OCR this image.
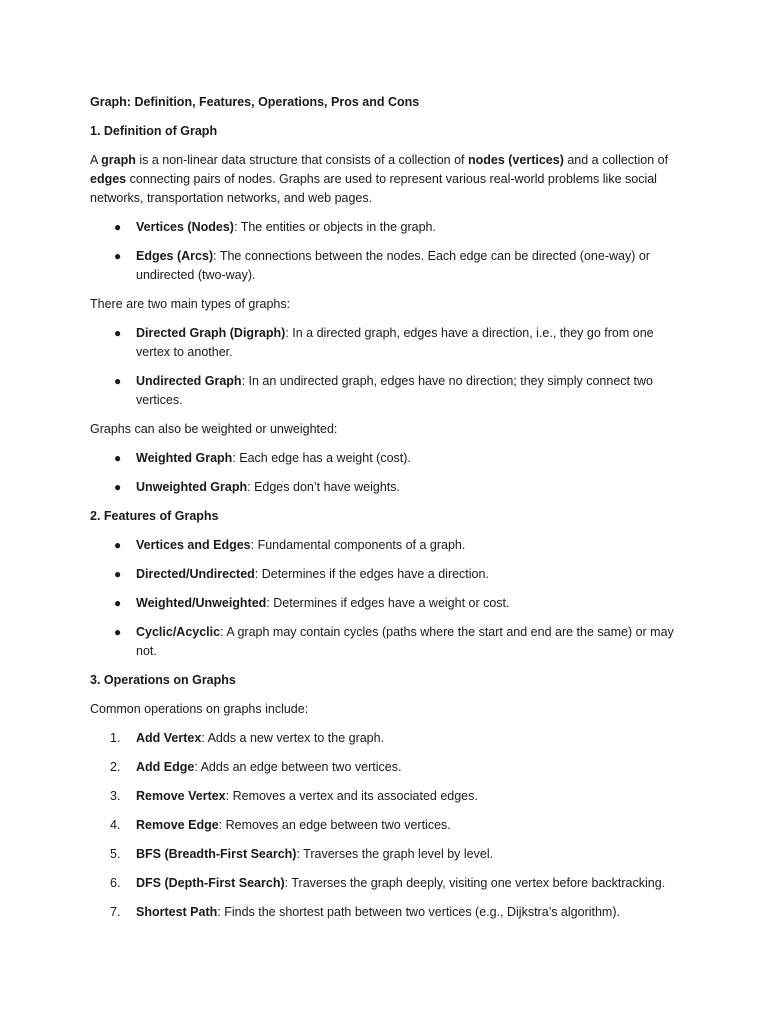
Graph: Definition, Features, Operations, Pros and Cons

1. Definition of Graph

A graph is a non-linear data structure that consists of a collection of nodes (vertices) and a collection of edges connecting pairs of nodes. Graphs are used to represent various real-world problems like social networks, transportation networks, and web pages.

●	Vertices (Nodes): The entities or objects in the graph.
●	Edges (Arcs): The connections between the nodes. Each edge can be directed (one-way) or undirected (two-way).

There are two main types of graphs:

●	Directed Graph (Digraph): In a directed graph, edges have a direction, i.e., they go from one vertex to another.
●	Undirected Graph: In an undirected graph, edges have no direction; they simply connect two vertices.

Graphs can also be weighted or unweighted:

●	Weighted Graph: Each edge has a weight (cost).
●	Unweighted Graph: Edges don’t have weights.

2. Features of Graphs

●	Vertices and Edges: Fundamental components of a graph.
●	Directed/Undirected: Determines if the edges have a direction.
●	Weighted/Unweighted: Determines if edges have a weight or cost.
●	Cyclic/Acyclic: A graph may contain cycles (paths where the start and end are the same) or may not.

3. Operations on Graphs

Common operations on graphs include:

1.	Add Vertex: Adds a new vertex to the graph.
2.	Add Edge: Adds an edge between two vertices.
3.	Remove Vertex: Removes a vertex and its associated edges.
4.	Remove Edge: Removes an edge between two vertices.
5.	BFS (Breadth-First Search): Traverses the graph level by level.
6.	DFS (Depth-First Search): Traverses the graph deeply, visiting one vertex before backtracking.
7.	Shortest Path: Finds the shortest path between two vertices (e.g., Dijkstra’s algorithm).
